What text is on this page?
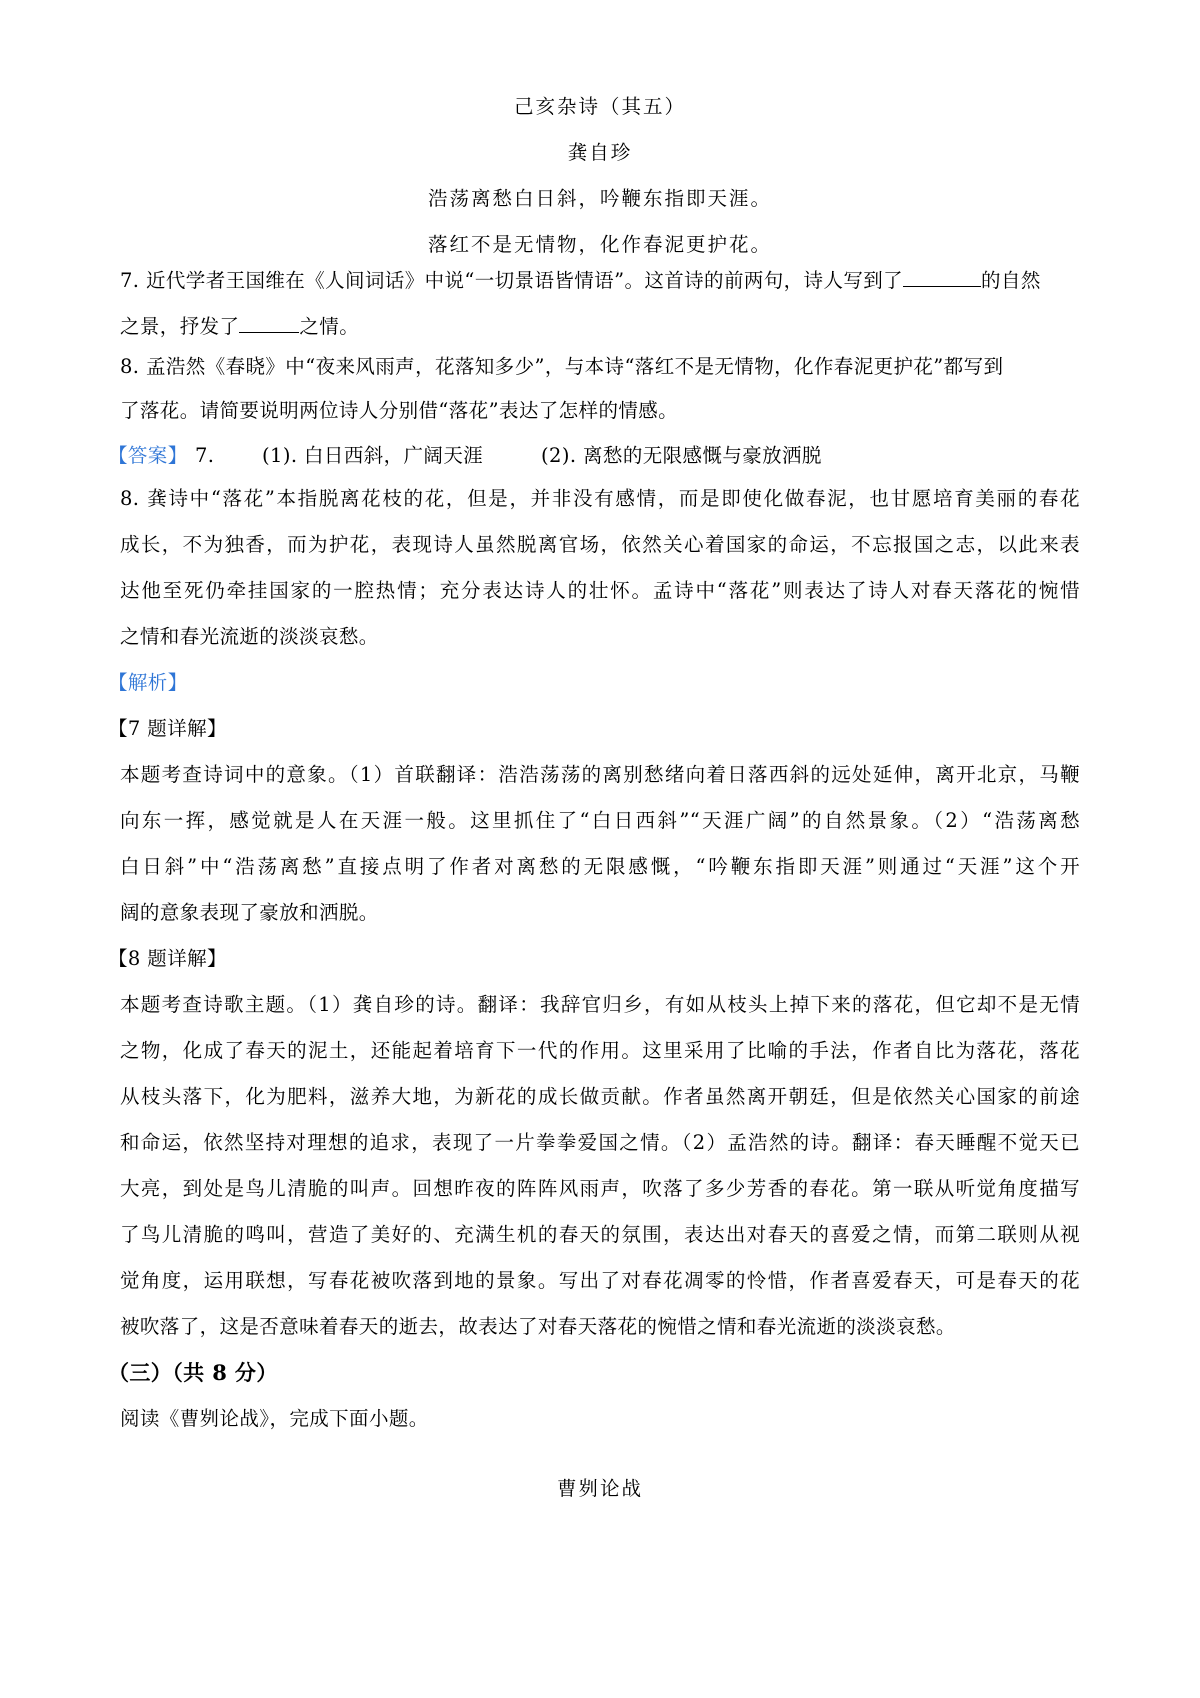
己亥杂诗（其五）
龚自珍
浩荡离愁白日斜，吟鞭东指即天涯。
落红不是无情物，化作春泥更护花。
7. 近代学者王国维在《人间词话》中说“一切景语皆情语”。这首诗的前两句，诗人写到了	的自然
之景，抒发了	之情。
8. 孟浩然《春晓》中“夜来风雨声，花落知多少”，与本诗“落红不是无情物，化作春泥更护花”都写到
了落花。请简要说明两位诗人分别借“落花”表达了怎样的情感。
【答案】 7. (1). 白日西斜，广阔天涯	(2). 离愁的无限感慨与豪放洒脱
8. 龚诗中“落花”本指脱离花枝的花，但是，并非没有感情，而是即使化做春泥，也甘愿培育美丽的春花
成长，不为独香，而为护花，表现诗人虽然脱离官场，依然关心着国家的命运，不忘报国之志，以此来表
达他至死仍牵挂国家的一腔热情；充分表达诗人的壮怀。孟诗中“落花”则表达了诗人对春天落花的惋惜
之情和春光流逝的淡淡哀愁。
【解析】
【7 题详解】
本题考查诗词中的意象。（1）首联翻译：浩浩荡荡的离别愁绪向着日落西斜的远处延伸，离开北京，马鞭
向东一挥，感觉就是人在天涯一般。这里抓住了“白日西斜”“天涯广阔”的自然景象。（2）“浩荡离愁
白日斜”中“浩荡离愁”直接点明了作者对离愁的无限感慨，“吟鞭东指即天涯”则通过“天涯”这个开
阔的意象表现了豪放和洒脱。
【8 题详解】
本题考查诗歌主题。（1）龚自珍的诗。翻译：我辞官归乡，有如从枝头上掉下来的落花，但它却不是无情
之物，化成了春天的泥土，还能起着培育下一代的作用。这里采用了比喻的手法，作者自比为落花，落花
从枝头落下，化为肥料，滋养大地，为新花的成长做贡献。作者虽然离开朝廷，但是依然关心国家的前途
和命运，依然坚持对理想的追求，表现了一片拳拳爱国之情。（2）孟浩然的诗。翻译：春天睡醒不觉天已
大亮，到处是鸟儿清脆的叫声。回想昨夜的阵阵风雨声，吹落了多少芳香的春花。第一联从听觉角度描写
了鸟儿清脆的鸣叫，营造了美好的、充满生机的春天的氛围，表达出对春天的喜爱之情，而第二联则从视
觉角度，运用联想，写春花被吹落到地的景象。写出了对春花凋零的怜惜，作者喜爱春天，可是春天的花
被吹落了，这是否意味着春天的逝去，故表达了对春天落花的惋惜之情和春光流逝的淡淡哀愁。
（三）（共 8 分）
阅读《曹刿论战》，完成下面小题。
曹刿论战
